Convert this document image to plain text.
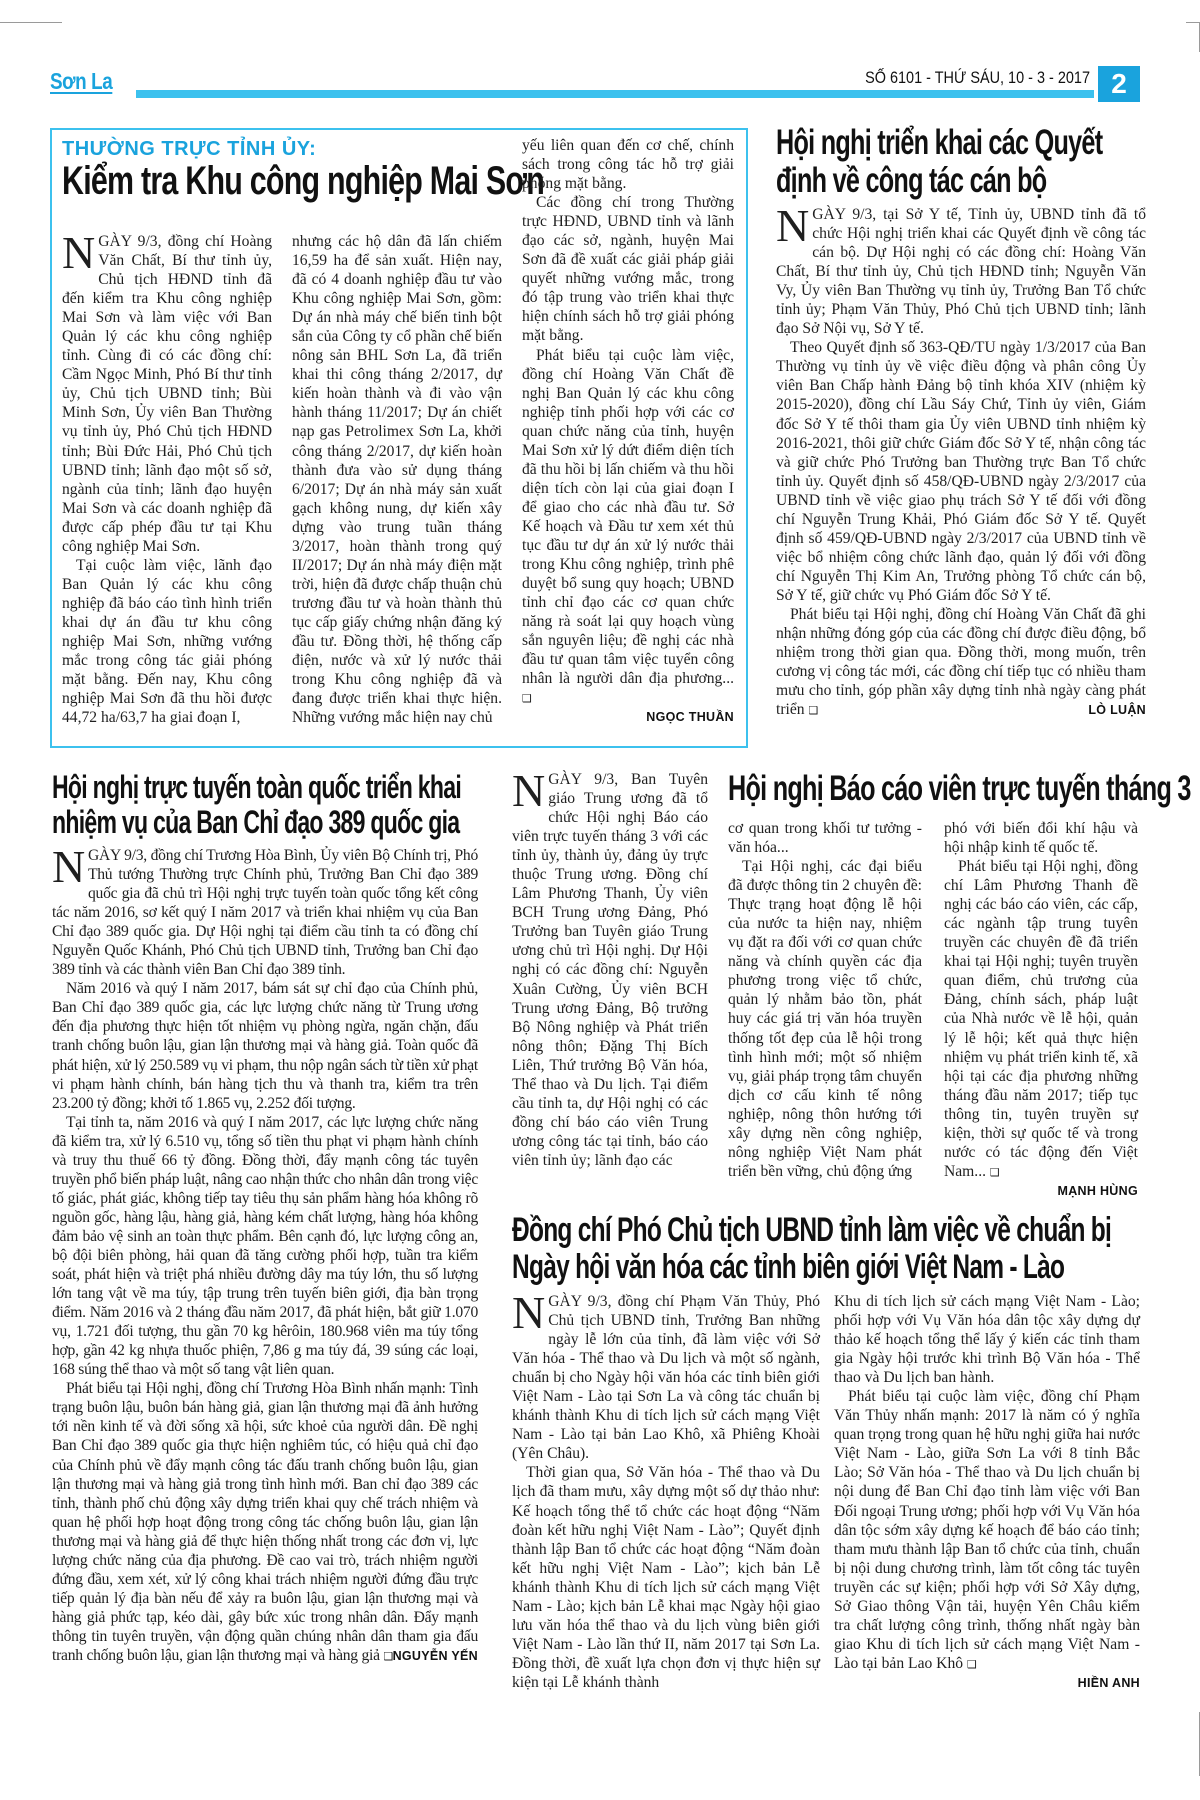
Sơn La	SỐ 6101 - THỨ SÁU, 10 - 3 - 2017 2
THƯỜNG TRỰC TỈNH ỦY:
Kiểm tra Khu công nghiệp Mai Sơn

NGÀY 9/3, đồng chí Hoàng Văn Chất, Bí thư tỉnh ủy, Chủ tịch HĐND tỉnh đã đến kiểm tra Khu công nghiệp Mai Sơn và làm việc với Ban Quản lý các khu công nghiệp tỉnh. Cùng đi có các đồng chí: Cầm Ngọc Minh, Phó Bí thư tỉnh ủy, Chủ tịch UBND tỉnh; Bùi Minh Sơn, Ủy viên Ban Thường vụ tỉnh ủy, Phó Chủ tịch HĐND tỉnh; Bùi Đức Hải, Phó Chủ tịch UBND tỉnh; lãnh đạo một số sở, ngành của tỉnh; lãnh đạo huyện Mai Sơn và các doanh nghiệp đã được cấp phép đầu tư tại Khu công nghiệp Mai Sơn.

Tại cuộc làm việc, lãnh đạo Ban Quản lý các khu công nghiệp đã báo cáo tình hình triển khai dự án đầu tư khu công nghiệp Mai Sơn, những vướng mắc trong công tác giải phóng mặt bằng. Đến nay, Khu công nghiệp Mai Sơn đã thu hồi được 44,72 ha/63,7 ha giai đoạn I,

nhưng các hộ dân đã lấn chiếm 16,59 ha để sản xuất. Hiện nay, đã có 4 doanh nghiệp đầu tư vào Khu công nghiệp Mai Sơn, gồm: Dự án nhà máy chế biến tinh bột sắn của Công ty cổ phần chế biến nông sản BHL Sơn La, đã triển khai thi công tháng 2/2017, dự kiến hoàn thành và đi vào vận hành tháng 11/2017; Dự án chiết nạp gas Petrolimex Sơn La, khởi công tháng 2/2017, dự kiến hoàn thành đưa vào sử dụng tháng 6/2017; Dự án nhà máy sản xuất gạch không nung, dự kiến xây dựng vào trung tuần tháng 3/2017, hoàn thành trong quý II/2017; Dự án nhà máy điện mặt trời, hiện đã được chấp thuận chủ trương đầu tư và hoàn thành thủ tục cấp giấy chứng nhận đăng ký đầu tư. Đồng thời, hệ thống cấp điện, nước và xử lý nước thải trong Khu công nghiệp đã và đang được triển khai thực hiện. Những vướng mắc hiện nay chủ

yếu liên quan đến cơ chế, chính sách trong công tác hỗ trợ giải phóng mặt bằng.

Các đồng chí trong Thường trực HĐND, UBND tỉnh và lãnh đạo các sở, ngành, huyện Mai Sơn đã đề xuất các giải pháp giải quyết những vướng mắc, trong đó tập trung vào triển khai thực hiện chính sách hỗ trợ giải phóng mặt bằng.

Phát biểu tại cuộc làm việc, đồng chí Hoàng Văn Chất đề nghị Ban Quản lý các khu công nghiệp tỉnh phối hợp với các cơ quan chức năng của tỉnh, huyện Mai Sơn xử lý dứt điểm diện tích đã thu hồi bị lấn chiếm và thu hồi diện tích còn lại của giai đoạn I để giao cho các nhà đầu tư. Sở Kế hoạch và Đầu tư xem xét thủ tục đầu tư dự án xử lý nước thải trong Khu công nghiệp, trình phê duyệt bổ sung quy hoạch; UBND tỉnh chỉ đạo các cơ quan chức năng rà soát lại quy hoạch vùng sắn nguyên liệu; đề nghị các nhà đầu tư quan tâm việc tuyển công nhân là người dân địa phương... ❑

NGỌC THUẦN
Hội nghị triển khai các Quyết định về công tác cán bộ

NGÀY 9/3, tại Sở Y tế, Tỉnh ủy, UBND tỉnh đã tổ chức Hội nghị triển khai các Quyết định về công tác cán bộ. Dự Hội nghị có các đồng chí: Hoàng Văn Chất, Bí thư tỉnh ủy, Chủ tịch HĐND tỉnh; Nguyễn Văn Vy, Ủy viên Ban Thường vụ tỉnh ủy, Trưởng Ban Tổ chức tỉnh ủy; Phạm Văn Thủy, Phó Chủ tịch UBND tỉnh; lãnh đạo Sở Nội vụ, Sở Y tế.

Theo Quyết định số 363-QĐ/TU ngày 1/3/2017 của Ban Thường vụ tỉnh ủy về việc điều động và phân công Ủy viên Ban Chấp hành Đảng bộ tỉnh khóa XIV (nhiệm kỳ 2015-2020), đồng chí Lầu Sáy Chứ, Tỉnh ủy viên, Giám đốc Sở Y tế thôi tham gia Ủy viên UBND tỉnh nhiệm kỳ 2016-2021, thôi giữ chức Giám đốc Sở Y tế, nhận công tác và giữ chức Phó Trưởng ban Thường trực Ban Tổ chức tỉnh ủy. Quyết định số 458/QĐ-UBND ngày 2/3/2017 của UBND tỉnh về việc giao phụ trách Sở Y tế đối với đồng chí Nguyễn Trung Khải, Phó Giám đốc Sở Y tế. Quyết định số 459/QĐ-UBND ngày 2/3/2017 của UBND tỉnh về việc bổ nhiệm công chức lãnh đạo, quản lý đối với đồng chí Nguyễn Thị Kim An, Trưởng phòng Tổ chức cán bộ, Sở Y tế, giữ chức vụ Phó Giám đốc Sở Y tế.

Phát biểu tại Hội nghị, đồng chí Hoàng Văn Chất đã ghi nhận những đóng góp của các đồng chí được điều động, bổ nhiệm trong thời gian qua. Đồng thời, mong muốn, trên cương vị công tác mới, các đồng chí tiếp tục có nhiều tham mưu cho tỉnh, góp phần xây dựng tỉnh nhà ngày càng phát triển ❑	LÒ LUẬN
Hội nghị trực tuyến toàn quốc triển khai nhiệm vụ của Ban Chỉ đạo 389 quốc gia

NGÀY 9/3, đồng chí Trương Hòa Bình, Ủy viên Bộ Chính trị, Phó Thủ tướng Thường trực Chính phủ, Trưởng Ban Chỉ đạo 389 quốc gia đã chủ trì Hội nghị trực tuyến toàn quốc tổng kết công tác năm 2016, sơ kết quý I năm 2017 và triển khai nhiệm vụ của Ban Chỉ đạo 389 quốc gia. Dự Hội nghị tại điểm cầu tỉnh ta có đồng chí Nguyễn Quốc Khánh, Phó Chủ tịch UBND tỉnh, Trưởng ban Chỉ đạo 389 tỉnh và các thành viên Ban Chỉ đạo 389 tỉnh.

Năm 2016 và quý I năm 2017, bám sát sự chỉ đạo của Chính phủ, Ban Chỉ đạo 389 quốc gia, các lực lượng chức năng từ Trung ương đến địa phương thực hiện tốt nhiệm vụ phòng ngừa, ngăn chặn, đấu tranh chống buôn lậu, gian lận thương mại và hàng giả. Toàn quốc đã phát hiện, xử lý 250.589 vụ vi phạm, thu nộp ngân sách từ tiền xử phạt vi phạm hành chính, bán hàng tịch thu và thanh tra, kiểm tra trên 23.200 tỷ đồng; khởi tố 1.865 vụ, 2.252 đối tượng.

Tại tỉnh ta, năm 2016 và quý I năm 2017, các lực lượng chức năng đã kiểm tra, xử lý 6.510 vụ, tổng số tiền thu phạt vi phạm hành chính và truy thu thuế 66 tỷ đồng. Đồng thời, đẩy mạnh công tác tuyên truyền phổ biến pháp luật, nâng cao nhận thức cho nhân dân trong việc tố giác, phát giác, không tiếp tay tiêu thụ sản phẩm hàng hóa không rõ nguồn gốc, hàng lậu, hàng giả, hàng kém chất lượng, hàng hóa không đảm bảo vệ sinh an toàn thực phẩm. Bên cạnh đó, lực lượng công an, bộ đội biên phòng, hải quan đã tăng cường phối hợp, tuần tra kiểm soát, phát hiện và triệt phá nhiều đường dây ma túy lớn, thu số lượng lớn tang vật về ma túy, tập trung trên tuyến biên giới, địa bàn trọng điểm. Năm 2016 và 2 tháng đầu năm 2017, đã phát hiện, bắt giữ 1.070 vụ, 1.721 đối tượng, thu gần 70 kg hêrôin, 180.968 viên ma túy tổng hợp, gần 42 kg nhựa thuốc phiện, 7,86 g ma túy đá, 39 súng các loại, 168 súng thể thao và một số tang vật liên quan.

Phát biểu tại Hội nghị, đồng chí Trương Hòa Bình nhấn mạnh: Tình trạng buôn lậu, buôn bán hàng giả, gian lận thương mại đã ảnh hưởng tới nền kinh tế và đời sống xã hội, sức khoẻ của người dân. Đề nghị Ban Chỉ đạo 389 quốc gia thực hiện nghiêm túc, có hiệu quả chỉ đạo của Chính phủ về đẩy mạnh công tác đấu tranh chống buôn lậu, gian lận thương mại và hàng giả trong tình hình mới. Ban chỉ đạo 389 các tỉnh, thành phố chủ động xây dựng triển khai quy chế trách nhiệm và quan hệ phối hợp hoạt động trong công tác chống buôn lậu, gian lận thương mại và hàng giả để thực hiện thống nhất trong các đơn vị, lực lượng chức năng của địa phương. Đề cao vai trò, trách nhiệm người đứng đầu, xem xét, xử lý công khai trách nhiệm người đứng đầu trực tiếp quản lý địa bàn nếu để xảy ra buôn lậu, gian lận thương mại và hàng giả phức tạp, kéo dài, gây bức xúc trong nhân dân. Đẩy mạnh thông tin tuyên truyền, vận động quần chúng nhân dân tham gia đấu tranh chống buôn lậu, gian lận thương mại và hàng giả ❑ NGUYỄN YẾN

NGÀY 9/3, Ban Tuyên giáo Trung ương đã tổ chức Hội nghị Báo cáo viên trực tuyến tháng 3 với các tỉnh ủy, thành ủy, đảng ủy trực thuộc Trung ương. Đồng chí Lâm Phương Thanh, Ủy viên BCH Trung ương Đảng, Phó Trưởng ban Tuyên giáo Trung ương chủ trì Hội nghị. Dự Hội nghị có các đồng chí: Nguyễn Xuân Cường, Ủy viên BCH Trung ương Đảng, Bộ trưởng Bộ Nông nghiệp và Phát triển nông thôn; Đặng Thị Bích Liên, Thứ trưởng Bộ Văn hóa, Thể thao và Du lịch. Tại điểm cầu tỉnh ta, dự Hội nghị có các đồng chí báo cáo viên Trung ương công tác tại tỉnh, báo cáo viên tỉnh ủy; lãnh đạo các

Hội nghị Báo cáo viên trực tuyến tháng 3

cơ quan trong khối tư tưởng - văn hóa...

Tại Hội nghị, các đại biểu đã được thông tin 2 chuyên đề: Thực trạng hoạt động lễ hội của nước ta hiện nay, nhiệm vụ đặt ra đối với cơ quan chức năng và chính quyền các địa phương trong việc tổ chức, quản lý nhằm bảo tồn, phát huy các giá trị văn hóa truyền thống tốt đẹp của lễ hội trong tình hình mới; một số nhiệm vụ, giải pháp trọng tâm chuyển dịch cơ cấu kinh tế nông nghiệp, nông thôn hướng tới xây dựng nền công nghiệp, nông nghiệp Việt Nam phát triển bền vững, chủ động ứng

phó với biến đổi khí hậu và hội nhập kinh tế quốc tế.

Phát biểu tại Hội nghị, đồng chí Lâm Phương Thanh đề nghị các báo cáo viên, các cấp, các ngành tập trung tuyên truyền các chuyên đề đã triển khai tại Hội nghị; tuyên truyền quan điểm, chủ trương của Đảng, chính sách, pháp luật của Nhà nước về lễ hội, quản lý lễ hội; kết quả thực hiện nhiệm vụ phát triển kinh tế, xã hội tại các địa phương những tháng đầu năm 2017; tiếp tục thông tin, tuyên truyền sự kiện, thời sự quốc tế và trong nước có tác động đến Việt Nam... ❑

MẠNH HÙNG
Đồng chí Phó Chủ tịch UBND tỉnh làm việc về chuẩn bị Ngày hội văn hóa các tỉnh biên giới Việt Nam - Lào

NGÀY 9/3, đồng chí Phạm Văn Thủy, Phó Chủ tịch UBND tỉnh, Trưởng Ban những ngày lễ lớn của tỉnh, đã làm việc với Sở Văn hóa - Thể thao và Du lịch và một số ngành, chuẩn bị cho Ngày hội văn hóa các tỉnh biên giới Việt Nam - Lào tại Sơn La và công tác chuẩn bị khánh thành Khu di tích lịch sử cách mạng Việt Nam - Lào tại bản Lao Khô, xã Phiêng Khoài (Yên Châu).

Thời gian qua, Sở Văn hóa - Thể thao và Du lịch đã tham mưu, xây dựng một số dự thảo như: Kế hoạch tổng thể tổ chức các hoạt động “Năm đoàn kết hữu nghị Việt Nam - Lào”; Quyết định thành lập Ban tổ chức các hoạt động “Năm đoàn kết hữu nghị Việt Nam - Lào”; kịch bản Lễ khánh thành Khu di tích lịch sử cách mạng Việt Nam - Lào; kịch bản Lễ khai mạc Ngày hội giao lưu văn hóa thể thao và du lịch vùng biên giới Việt Nam - Lào lần thứ II, năm 2017 tại Sơn La. Đồng thời, đề xuất lựa chọn đơn vị thực hiện sự kiện tại Lễ khánh thành

Khu di tích lịch sử cách mạng Việt Nam - Lào; phối hợp với Vụ Văn hóa dân tộc xây dựng dự thảo kế hoạch tổng thể lấy ý kiến các tỉnh tham gia Ngày hội trước khi trình Bộ Văn hóa - Thể thao và Du lịch ban hành.

Phát biểu tại cuộc làm việc, đồng chí Phạm Văn Thủy nhấn mạnh: 2017 là năm có ý nghĩa quan trọng trong quan hệ hữu nghị giữa hai nước Việt Nam - Lào, giữa Sơn La với 8 tỉnh Bắc Lào; Sở Văn hóa - Thể thao và Du lịch chuẩn bị nội dung để Ban Chỉ đạo tỉnh làm việc với Ban Đối ngoại Trung ương; phối hợp với Vụ Văn hóa dân tộc sớm xây dựng kế hoạch để báo cáo tỉnh; tham mưu thành lập Ban tổ chức của tỉnh, chuẩn bị nội dung chương trình, làm tốt công tác tuyên truyền các sự kiện; phối hợp với Sở Xây dựng, Sở Giao thông Vận tải, huyện Yên Châu kiểm tra chất lượng công trình, thống nhất ngày bàn giao Khu di tích lịch sử cách mạng Việt Nam - Lào tại bản Lao Khô ❑

HIỀN ANH
